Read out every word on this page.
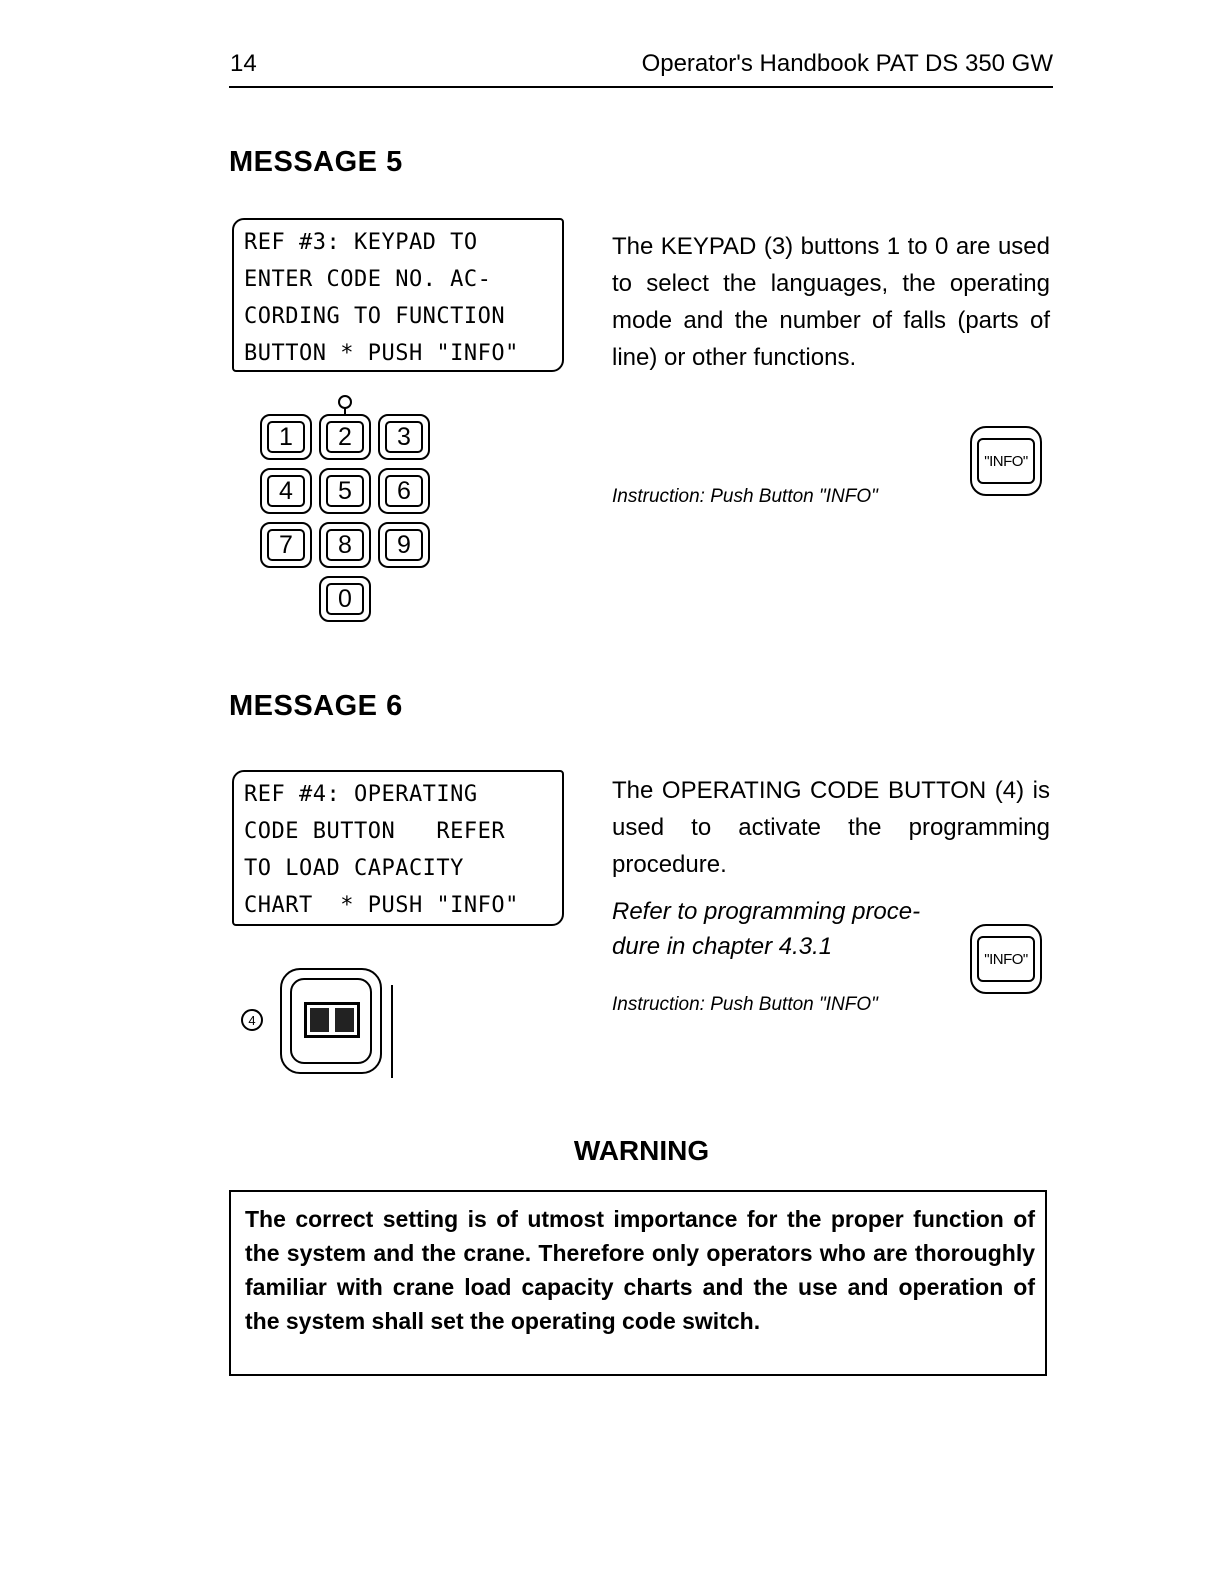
14	Operator's Handbook PAT DS 350 GW
MESSAGE 5
REF #3: KEYPAD TO
ENTER CODE NO. AC-
CORDING TO FUNCTION
BUTTON * PUSH "INFO"
The KEYPAD (3) buttons 1 to 0 are used to select the languages, the operating mode and the number of falls (parts of line) or other functions.
1	2	3
4	5	6
7	8	9
0
Instruction: Push Button "INFO"
"INFO"
MESSAGE 6
REF #4: OPERATING
CODE BUTTON   REFER
TO LOAD CAPACITY
CHART  * PUSH "INFO"
The OPERATING CODE BUTTON (4) is used to activate the programming procedure.
Refer to programming proce-
dure in chapter 4.3.1
Instruction: Push Button "INFO"
"INFO"
4
WARNING
The correct setting is of utmost importance for the proper function of the system and the crane. Therefore only operators who are thoroughly familiar with crane load capacity charts and the use and operation of the system shall set the operating code switch.
